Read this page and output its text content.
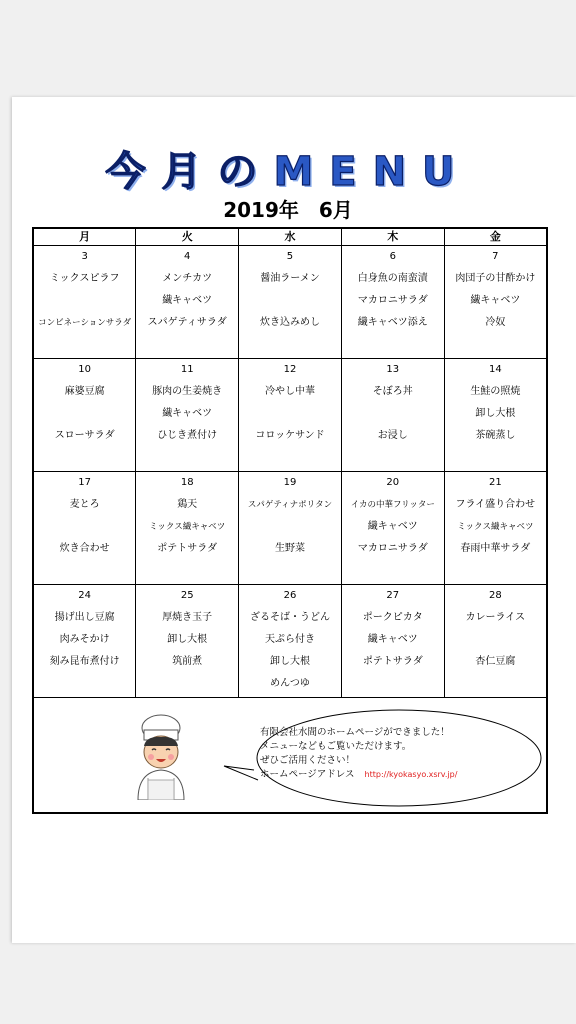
今月のMENU
2019年　6月
月	火	水	木	金

3
ミックスピラフ
コンビネーションサラダ	4
メンチカツ
繊キャベツ
スパゲティサラダ	5
醤油ラーメン
炊き込みめし	6
白身魚の南蛮漬
マカロニサラダ
繊キャベツ添え	7
肉団子の甘酢かけ
繊キャベツ
冷奴

10
麻婆豆腐
スローサラダ	11
豚肉の生姜焼き
繊キャベツ
ひじき煮付け	12
冷やし中華
コロッケサンド	13
そぼろ丼
お浸し	14
生鮭の照焼
卸し大根
茶碗蒸し

17
麦とろ
炊き合わせ	18
鶏天
ミックス繊キャベツ
ポテトサラダ	19
スパゲティナポリタン
生野菜	20
イカの中華フリッター
繊キャベツ
マカロニサラダ	21
フライ盛り合わせ
ミックス繊キャベツ
春雨中華サラダ

24
揚げ出し豆腐
肉みそかけ
刻み昆布煮付け	25
厚焼き玉子
卸し大根
筑前煮	26
ざるそば・うどん
天ぷら付き
卸し大根
めんつゆ	27
ポークピカタ
繊キャベツ
ポテトサラダ	28
カレーライス
杏仁豆腐

有限会社水間のホームページができました！
メニューなどもご覧いただけます。
ぜひご活用ください！
ホームページアドレス http://kyokasyo.xsrv.jp/				
